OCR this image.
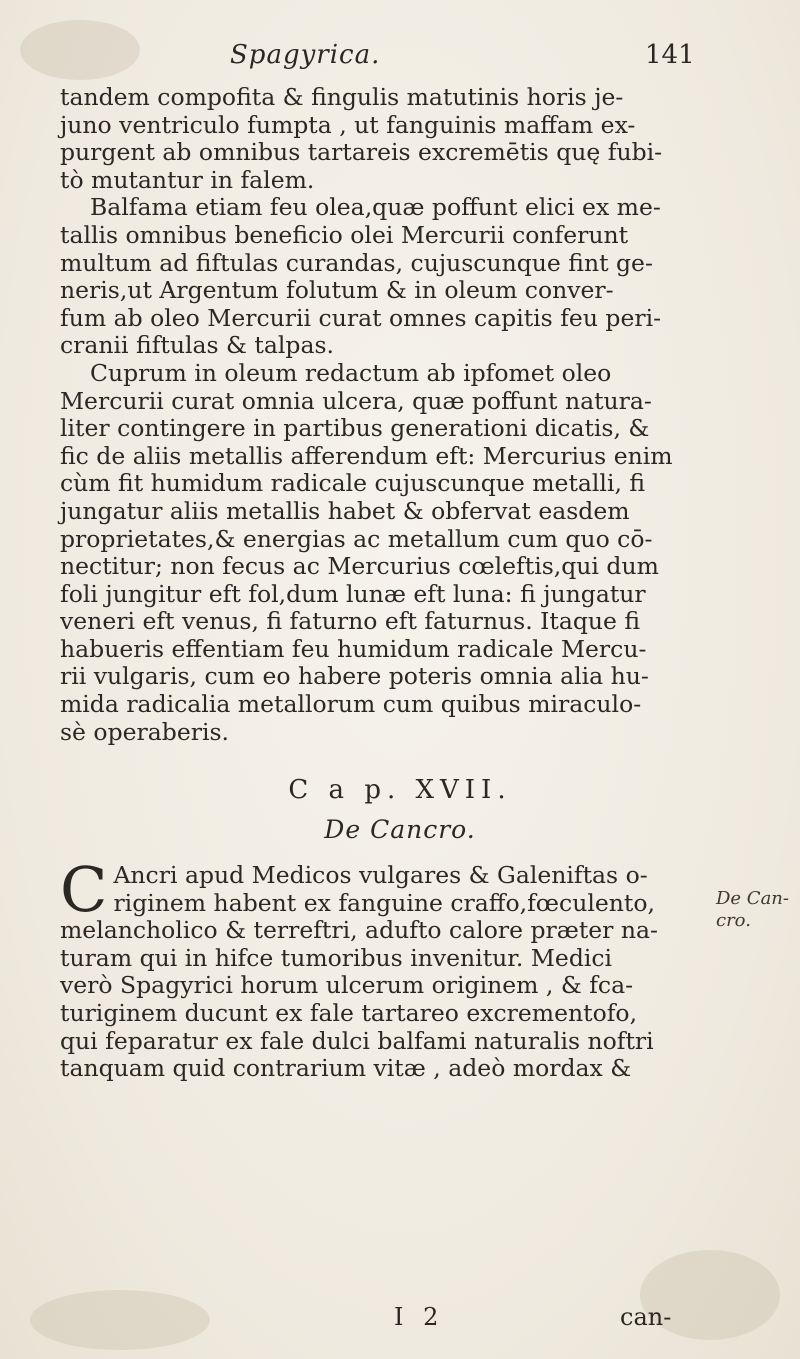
Spagyrica.	141
tandem compofita & fingulis matutinis horis je-
juno ventriculo fumpta , ut fanguinis maffam ex-
purgent ab omnibus tartareis excremētis quę fubi-
tò mutantur in falem.
Balfama etiam feu olea,quæ poffunt elici ex me-
tallis omnibus beneficio olei Mercurii conferunt
multum ad fiftulas curandas, cujuscunque fint ge-
neris,ut Argentum folutum & in oleum conver-
fum ab oleo Mercurii curat omnes capitis feu peri-
cranii fiftulas & talpas.
Cuprum in oleum redactum ab ipfomet oleo
Mercurii curat omnia ulcera, quæ poffunt natura-
liter contingere in partibus generationi dicatis, &
fic de aliis metallis afferendum eft: Mercurius enim
cùm fit humidum radicale cujuscunque metalli, fi
jungatur aliis metallis habet & obfervat easdem
proprietates,& energias ac metallum cum quo cō-
nectitur; non fecus ac Mercurius cœleftis,qui dum
foli jungitur eft fol,dum lunæ eft luna: fi jungatur
veneri eft venus, fi faturno eft faturnus. Itaque fi
habueris effentiam feu humidum radicale Mercu-
rii vulgaris, cum eo habere poteris omnia alia hu-
mida radicalia metallorum cum quibus miraculo-
sè operaberis.
C a p. XVII.
De Cancro.
C Ancri apud Medicos vulgares & Galeniftas o-
riginem habent ex fanguine craffo,fœculento,
melancholico & terreftri, adufto calore præter na-
turam qui in hifce tumoribus invenitur. Medici
verò Spagyrici horum ulcerum originem , & fca-
turiginem ducunt ex fale tartareo excrementofo,
qui feparatur ex fale dulci balfami naturalis noftri
tanquam quid contrarium vitæ , adeò mordax &
De Can-
cro.
I 2	can-
